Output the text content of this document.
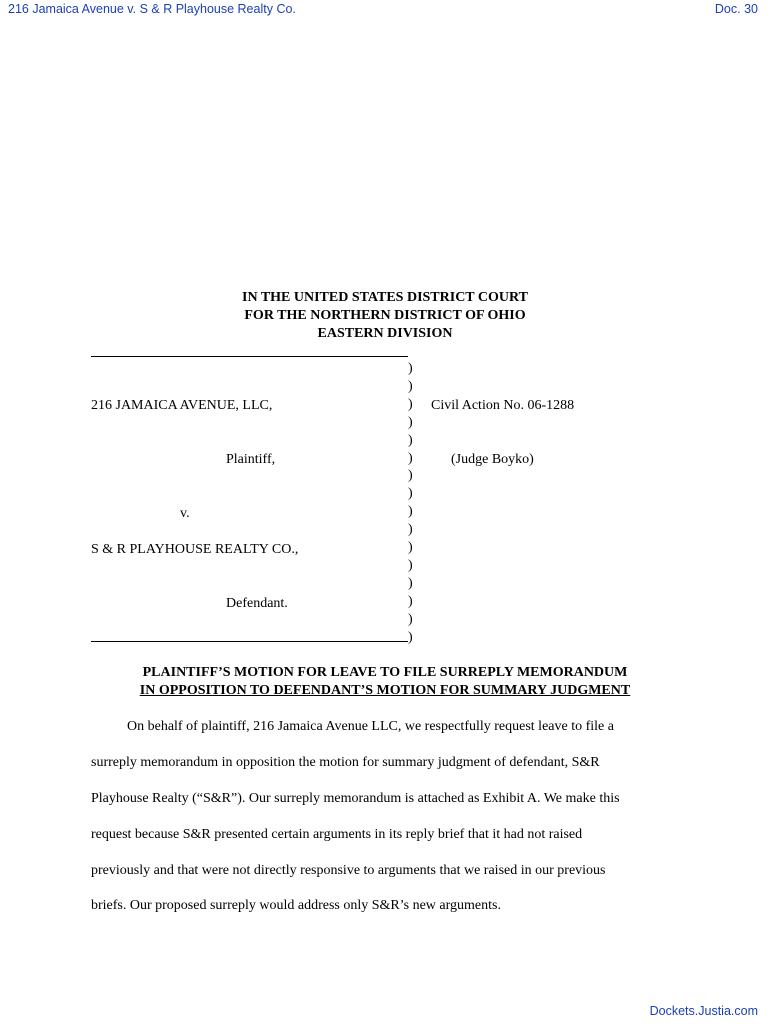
216 Jamaica Avenue v. S & R Playhouse Realty Co.	Doc. 30
IN THE UNITED STATES DISTRICT COURT
FOR THE NORTHERN DISTRICT OF OHIO
EASTERN DIVISION
)
)
)
)
)
)
)
)
)
)
)
)
)
)
)
)
216 JAMAICA AVENUE, LLC,
Plaintiff,
v.
S & R PLAYHOUSE REALTY CO.,
Defendant.
Civil Action No. 06-1288
(Judge Boyko)
PLAINTIFF’S MOTION FOR LEAVE TO FILE SURREPLY MEMORANDUM
IN OPPOSITION TO DEFENDANT’S MOTION FOR SUMMARY JUDGMENT
On behalf of plaintiff, 216 Jamaica Avenue LLC, we respectfully request leave to file a
surreply memorandum in opposition the motion for summary judgment of defendant, S&R
Playhouse Realty (“S&R”). Our surreply memorandum is attached as Exhibit A. We make this
request because S&R presented certain arguments in its reply brief that it had not raised
previously and that were not directly responsive to arguments that we raised in our previous
briefs. Our proposed surreply would address only S&R’s new arguments.
Dockets.Justia.com
